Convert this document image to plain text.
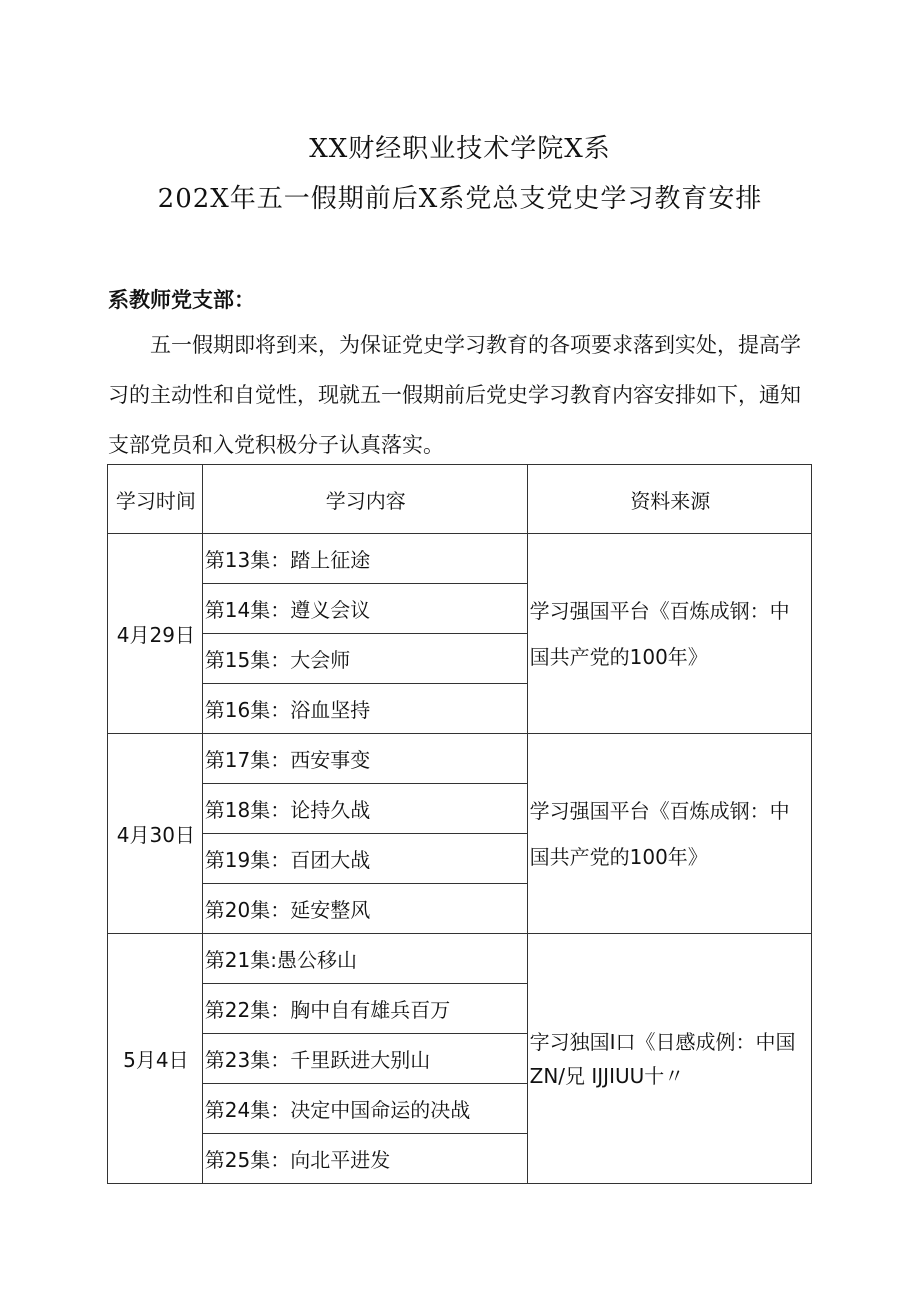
XX财经职业技术学院X系
202X年五一假期前后X系党总支党史学习教育安排
系教师党支部：
五一假期即将到来，为保证党史学习教育的各项要求落到实处，提高学习的主动性和自觉性，现就五一假期前后党史学习教育内容安排如下，通知支部党员和入党积极分子认真落实。
学习时间	学习内容	资料来源
4月29日	第13集：踏上征途	学习强国平台《百炼成钢：中国共产党的100年》
	第14集：遵义会议	
	第15集：大会师	
	第16集：浴血坚持	
4月30日	第17集：西安事变	学习强国平台《百炼成钢：中国共产党的100年》
	第18集：论持久战	
	第19集：百团大战	
	第20集：延安整风	
5月4日	第21集:愚公移山	字习独国I口《日感成例：中国
ZN/兄 IJJIUU十〃

	第22集：胸中自有雄兵百万	
	第23集：千里跃进大别山	
	第24集：决定中国命运的决战	
	第25集：向北平进发	
